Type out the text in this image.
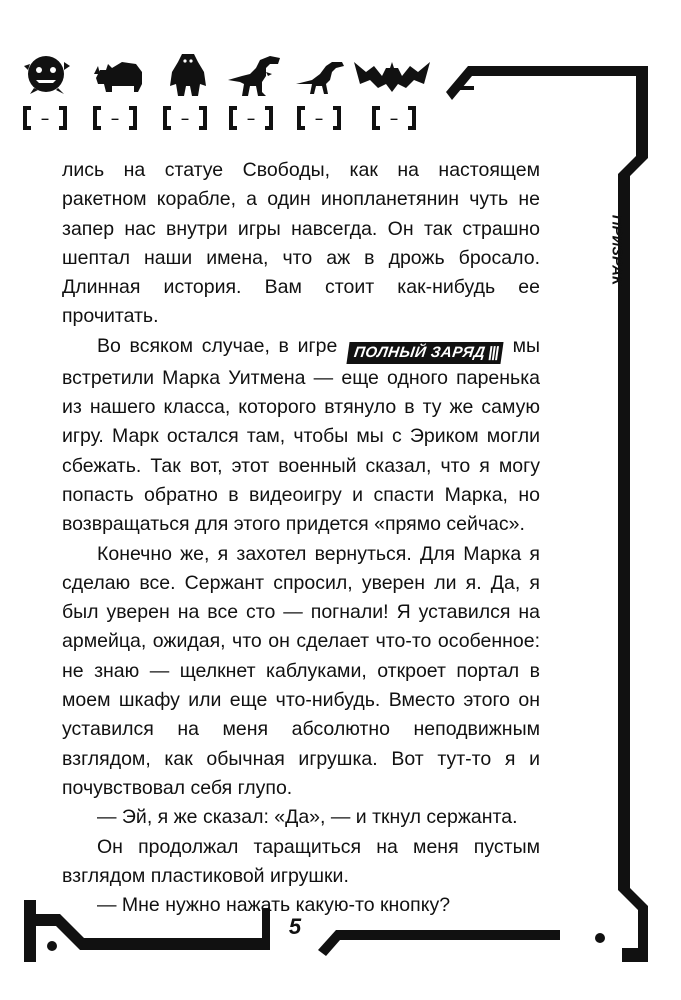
–	–	–	–	–	–
ПРИЗРАК

лись на статуе Свободы, как на настоящем ракетном корабле, а один инопланетянин чуть не запер нас внутри игры навсегда. Он так страшно шептал наши имена, что аж в дрожь бросало. Длинная история. Вам стоит как-нибудь ее прочитать.

Во всяком случае, в игре ПОЛНЫЙ ЗАРЯД||| мы встретили Марка Уитмена — еще одного паренька из нашего класса, которого втянуло в ту же самую игру. Марк остался там, чтобы мы с Эриком могли сбежать. Так вот, этот военный сказал, что я могу попасть обратно в видеоигру и спасти Марка, но возвращаться для этого придется «прямо сейчас».

Конечно же, я захотел вернуться. Для Марка я сделаю все. Сержант спросил, уверен ли я. Да, я был уверен на все сто — погнали! Я уставился на армейца, ожидая, что он сделает что-то особенное: не знаю — щелкнет каблуками, откроет портал в моем шкафу или еще что-нибудь. Вместо этого он уставился на меня абсолютно неподвижным взглядом, как обычная игрушка. Вот тут-то я и почувствовал себя глупо.

— Эй, я же сказал: «Да», — и ткнул сержанта.

Он продолжал таращиться на меня пустым взглядом пластиковой игрушки.

— Мне нужно нажать какую-то кнопку?

5
